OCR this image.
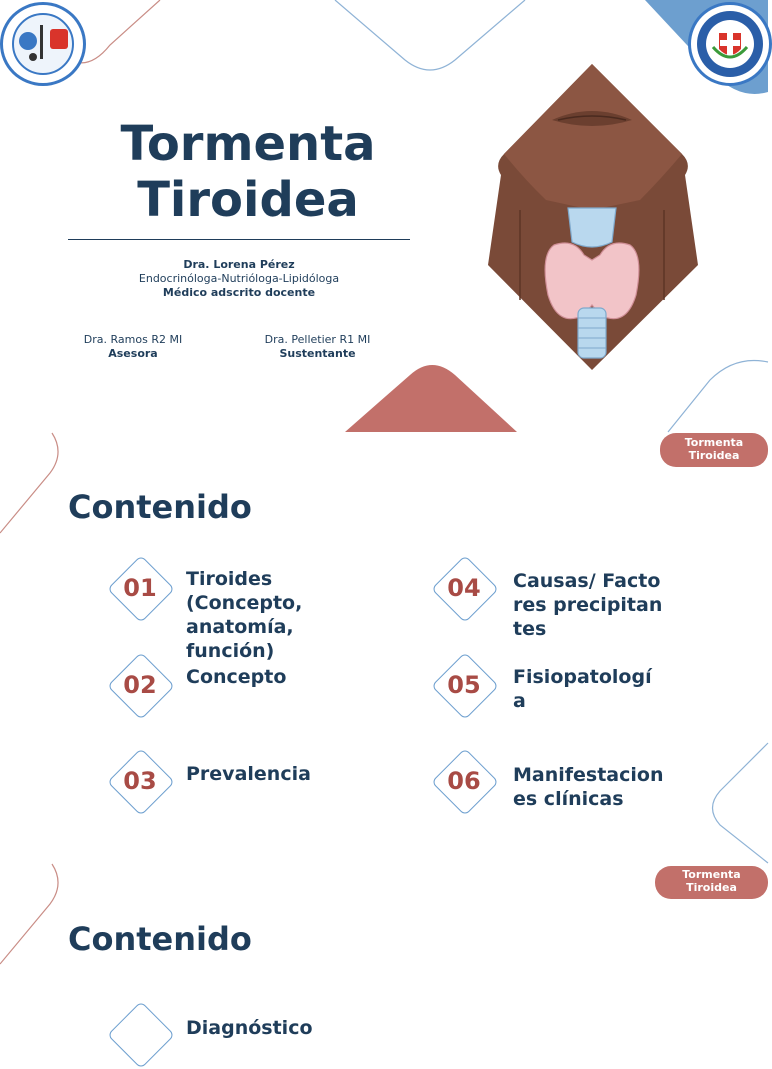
Tormenta
Tiroidea
Dra. Lorena Pérez
Endocrinóloga-Nutrióloga-Lipidóloga
Médico adscrito docente
Dra. Ramos R2 MI
Asesora
Dra. Pelletier R1 MI
Sustentante
Tormenta
Tiroidea
Contenido
01	Tiroides (Concepto, anatomía, función)
02	Concepto
03	Prevalencia
04	Causas/ Factores precipitantes
05	Fisiopatología
06	Manifestaciones clínicas
Tormenta
Tiroidea
Contenido
Diagnóstico
